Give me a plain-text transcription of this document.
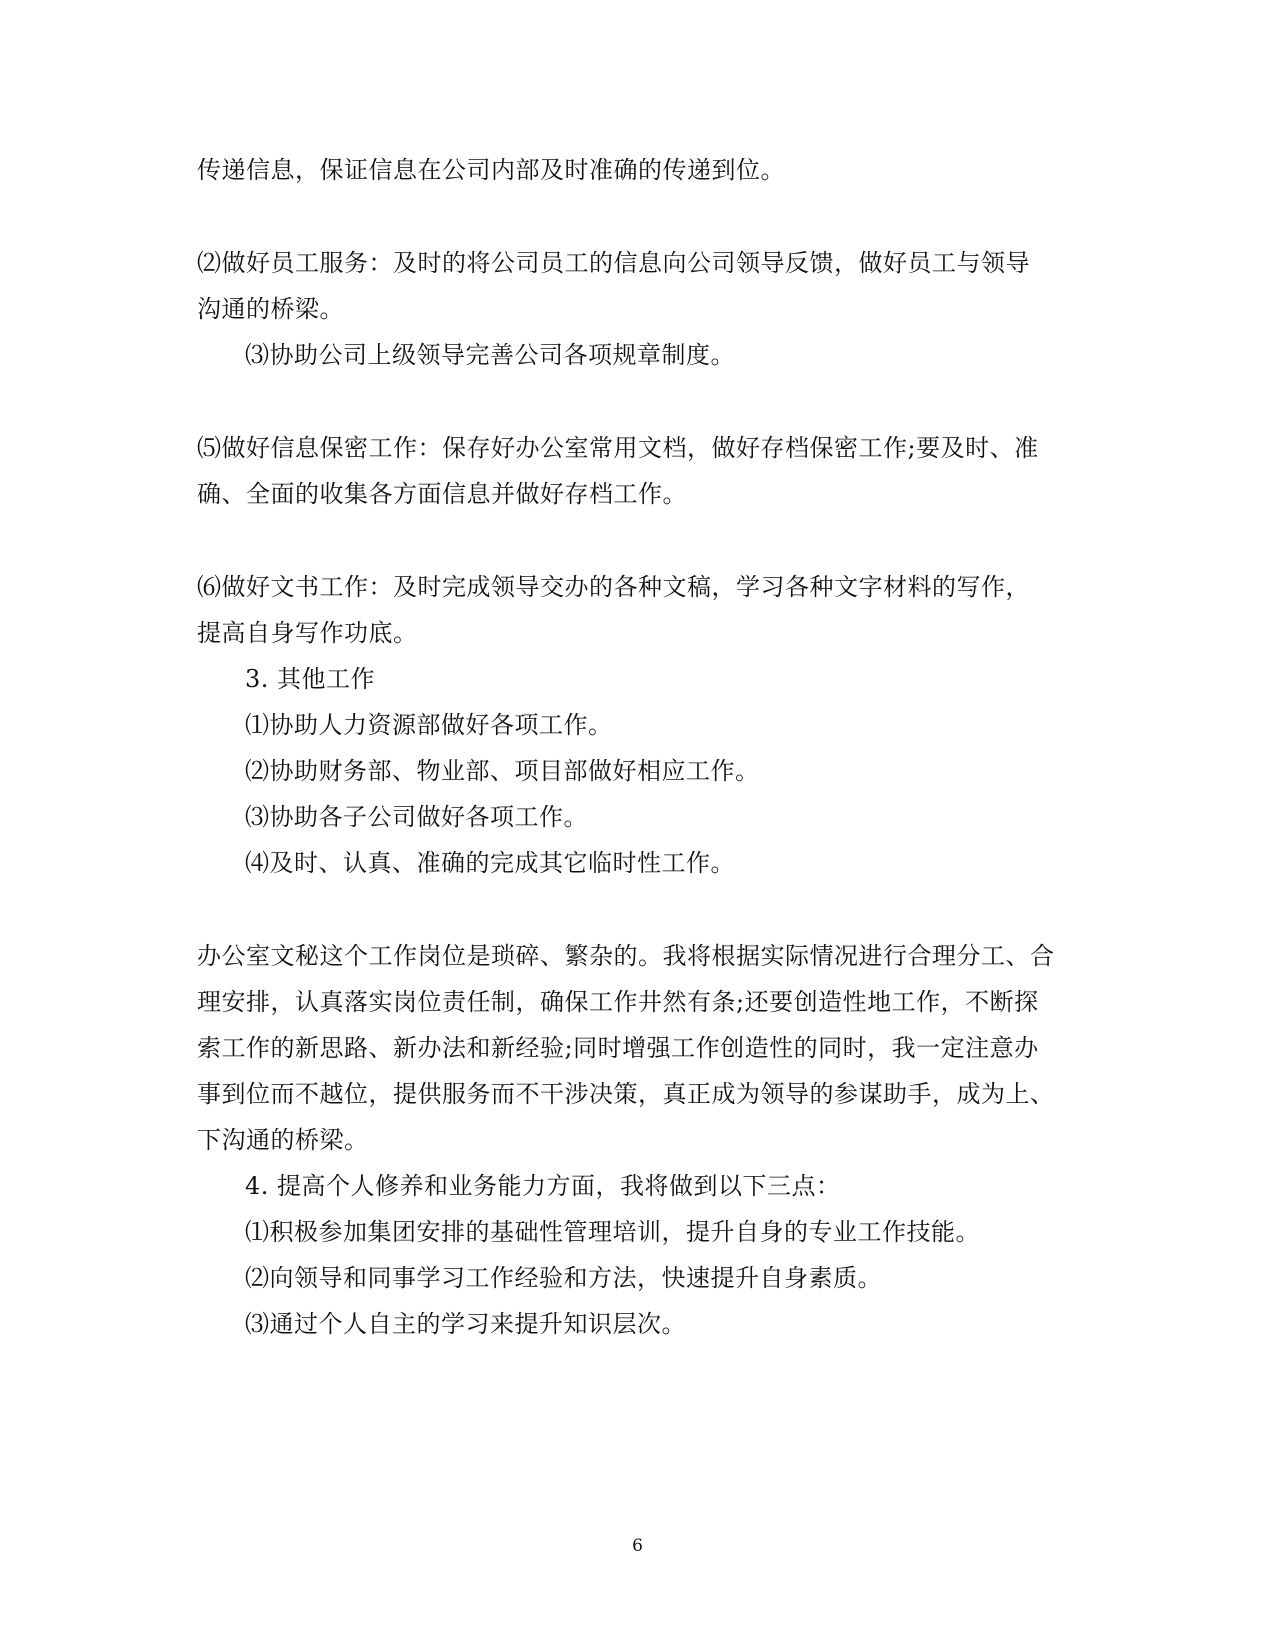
传递信息，保证信息在公司内部及时准确的传递到位。
⑵做好员工服务：及时的将公司员工的信息向公司领导反馈，做好员工与领导
沟通的桥梁。
⑶协助公司上级领导完善公司各项规章制度。
⑸做好信息保密工作：保存好办公室常用文档，做好存档保密工作;要及时、准
确、全面的收集各方面信息并做好存档工作。
⑹做好文书工作：及时完成领导交办的各种文稿，学习各种文字材料的写作，
提高自身写作功底。
3. 其他工作
⑴协助人力资源部做好各项工作。
⑵协助财务部、物业部、项目部做好相应工作。
⑶协助各子公司做好各项工作。
⑷及时、认真、准确的完成其它临时性工作。
办公室文秘这个工作岗位是琐碎、繁杂的。我将根据实际情况进行合理分工、合
理安排，认真落实岗位责任制，确保工作井然有条;还要创造性地工作，不断探
索工作的新思路、新办法和新经验;同时增强工作创造性的同时，我一定注意办
事到位而不越位，提供服务而不干涉决策，真正成为领导的参谋助手，成为上、
下沟通的桥梁。
4. 提高个人修养和业务能力方面，我将做到以下三点：
⑴积极参加集团安排的基础性管理培训，提升自身的专业工作技能。
⑵向领导和同事学习工作经验和方法，快速提升自身素质。
⑶通过个人自主的学习来提升知识层次。
6
